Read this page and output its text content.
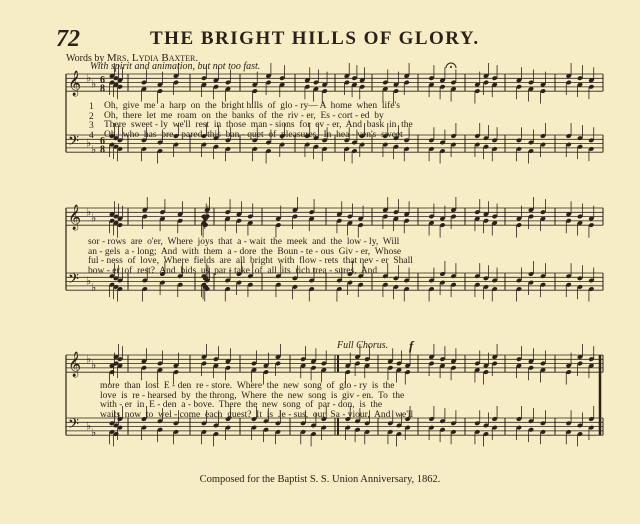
72	THE BRIGHT HILLS OF GLORY.
Words by Mrs. Lydia Baxter.
With spirit and animation, but not too fast.
Full Chorus. f
𝄞
𝄢
♭
♭
♭
♭
6
8
6
8
𝄞
𝄢
♭
♭
♭
♭
𝄞
𝄢
♭
♭
♭
♭
Composed for the Baptist S. S. Union Anniversary, 1862.
1 Oh,  give  me  a  harp  on  the  bright hills  of  glo - ry— A  home  when  life's
2 Oh,  there  let  me  roam  on  the  banks  of  the  riv - er,  Es - cort - ed  by
3 There  sweet - ly  we'll  rest  in  those  man - sions  for  ev - er,  And  bask  in  the
4 Oh,  who  has  pre - pared  this  ban - quet  of  pleasures,  In  hea - ven's  sweet
sor - rows  are  o'er,  Where  joys  that  a - wait  the  meek  and  the  low - ly,  Will
an - gels  a - long;  And  with  them  a - dore  the  Boun - te - ous  Giv - er,  Whose
ful - ness  of  love,  Where  fields  are  all  bright  with  flow - rets  that nev - er  Shall
bow - er  of  rest?  And  bids  us  par - take  of  all  its  rich trea - sures,  And
more  than  lost  E - den  re - store.  Where  the  new  song  of  glo - ry  is  the
love  is  re - hearsed  by  the throng,  Where  the  new  song  is  giv - en.  To  the
with - er  in  E - den  a - bove.  There  the  new  song  of  par - don,  is  the
waits  now  to  wel - come  each  guest?  It  is  Je - sus,  our  Sa - viour,  And  we'll
